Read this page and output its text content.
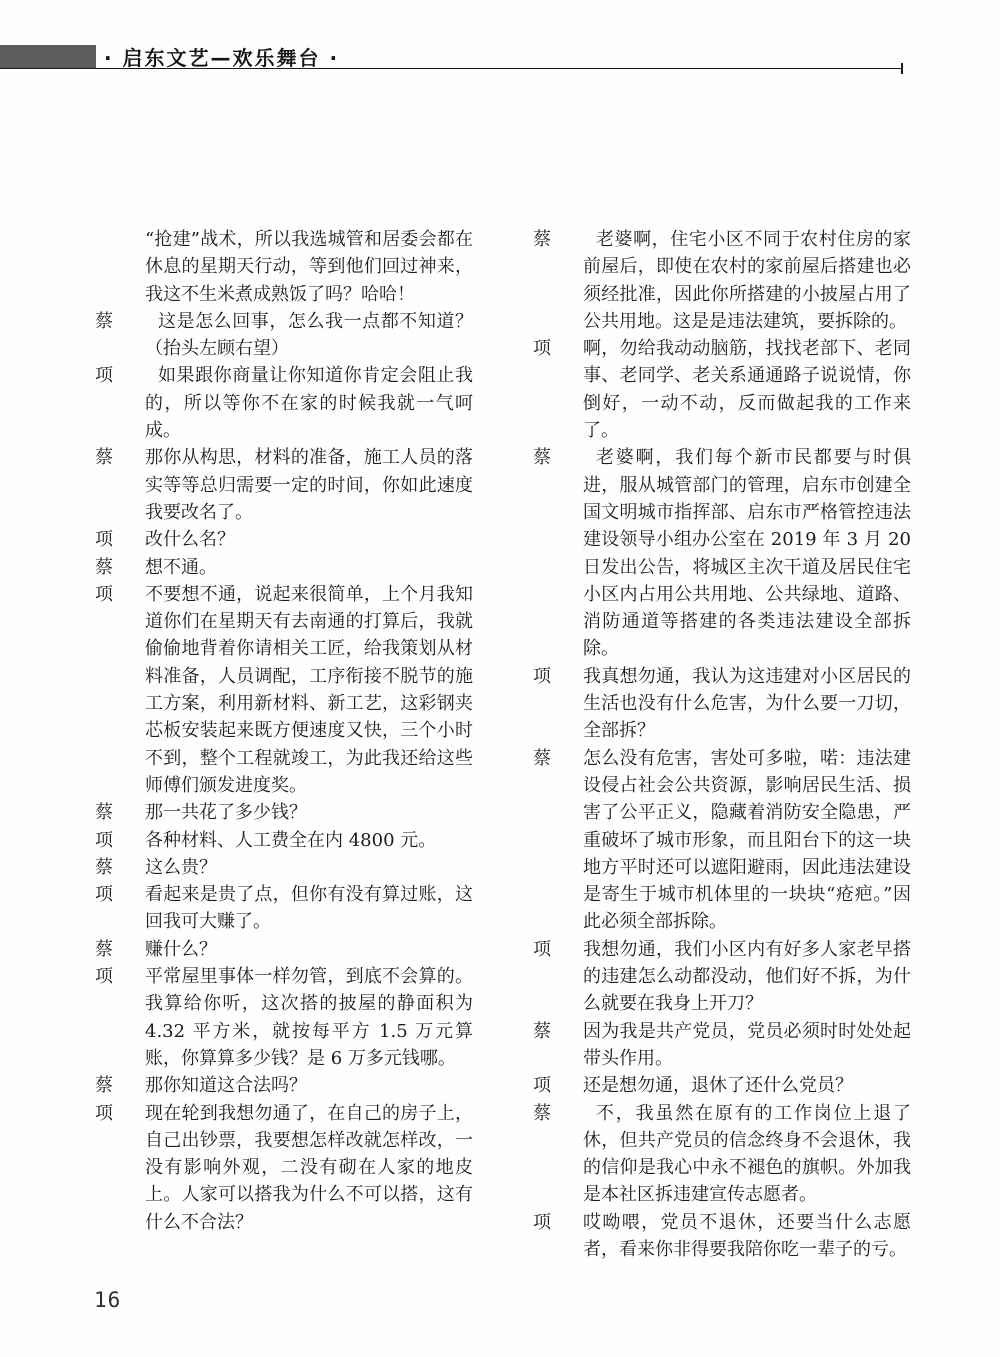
· 启东文艺—欢乐舞台 ·

“抢建”战术，所以我选城管和居委会都在休息的星期天行动，等到他们回过神来，我这不生米煮成熟饭了吗？哈哈！

蔡	这是怎么回事，怎么我一点都不知道？（抬头左顾右望）

项	如果跟你商量让你知道你肯定会阻止我的，所以等你不在家的时候我就一气呵成。

蔡	那你从构思，材料的准备，施工人员的落实等等总归需要一定的时间，你如此速度我要改名了。

项	改什么名？

蔡	想不通。

项	不要想不通，说起来很简单，上个月我知道你们在星期天有去南通的打算后，我就偷偷地背着你请相关工匠，给我策划从材料准备，人员调配，工序衔接不脱节的施工方案，利用新材料、新工艺，这彩钢夹芯板安装起来既方便速度又快，三个小时不到，整个工程就竣工，为此我还给这些师傅们颁发进度奖。

蔡	那一共花了多少钱？

项	各种材料、人工费全在内 4800 元。

蔡	这么贵？

项	看起来是贵了点，但你有没有算过账，这回我可大赚了。

蔡	赚什么？

项	平常屋里事体一样勿管，到底不会算的。我算给你听，这次搭的披屋的静面积为 4.32 平方米，就按每平方 1.5 万元算账，你算算多少钱？是 6 万多元钱哪。

蔡	那你知道这合法吗？

项	现在轮到我想勿通了，在自己的房子上，自己出钞票，我要想怎样改就怎样改，一没有影响外观，二没有砌在人家的地皮上。人家可以搭我为什么不可以搭，这有什么不合法？

蔡	老婆啊，住宅小区不同于农村住房的家前屋后，即使在农村的家前屋后搭建也必须经批准，因此你所搭建的小披屋占用了公共用地。这是是违法建筑，要拆除的。

项	啊，勿给我动动脑筋，找找老部下、老同事、老同学、老关系通通路子说说情，你倒好，一动不动，反而做起我的工作来了。

蔡	老婆啊，我们每个新市民都要与时俱进，服从城管部门的管理，启东市创建全国文明城市指挥部、启东市严格管控违法建设领导小组办公室在 2019 年 3 月 20 日发出公告，将城区主次干道及居民住宅小区内占用公共用地、公共绿地、道路、消防通道等搭建的各类违法建设全部拆除。

项	我真想勿通，我认为这违建对小区居民的生活也没有什么危害，为什么要一刀切，全部拆？

蔡	怎么没有危害，害处可多啦，喏：违法建设侵占社会公共资源，影响居民生活、损害了公平正义，隐藏着消防安全隐患，严重破坏了城市形象，而且阳台下的这一块地方平时还可以遮阳避雨，因此违法建设是寄生于城市机体里的一块块“疮疤。”因此必须全部拆除。

项	我想勿通，我们小区内有好多人家老早搭的违建怎么动都没动，他们好不拆，为什么就要在我身上开刀？

蔡	因为我是共产党员，党员必须时时处处起带头作用。

项	还是想勿通，退休了还什么党员？

蔡	不，我虽然在原有的工作岗位上退了休，但共产党员的信念终身不会退休，我的信仰是我心中永不褪色的旗帜。外加我是本社区拆违建宣传志愿者。

项	哎呦喂，党员不退休，还要当什么志愿者，看来你非得要我陪你吃一辈子的亏。

16
